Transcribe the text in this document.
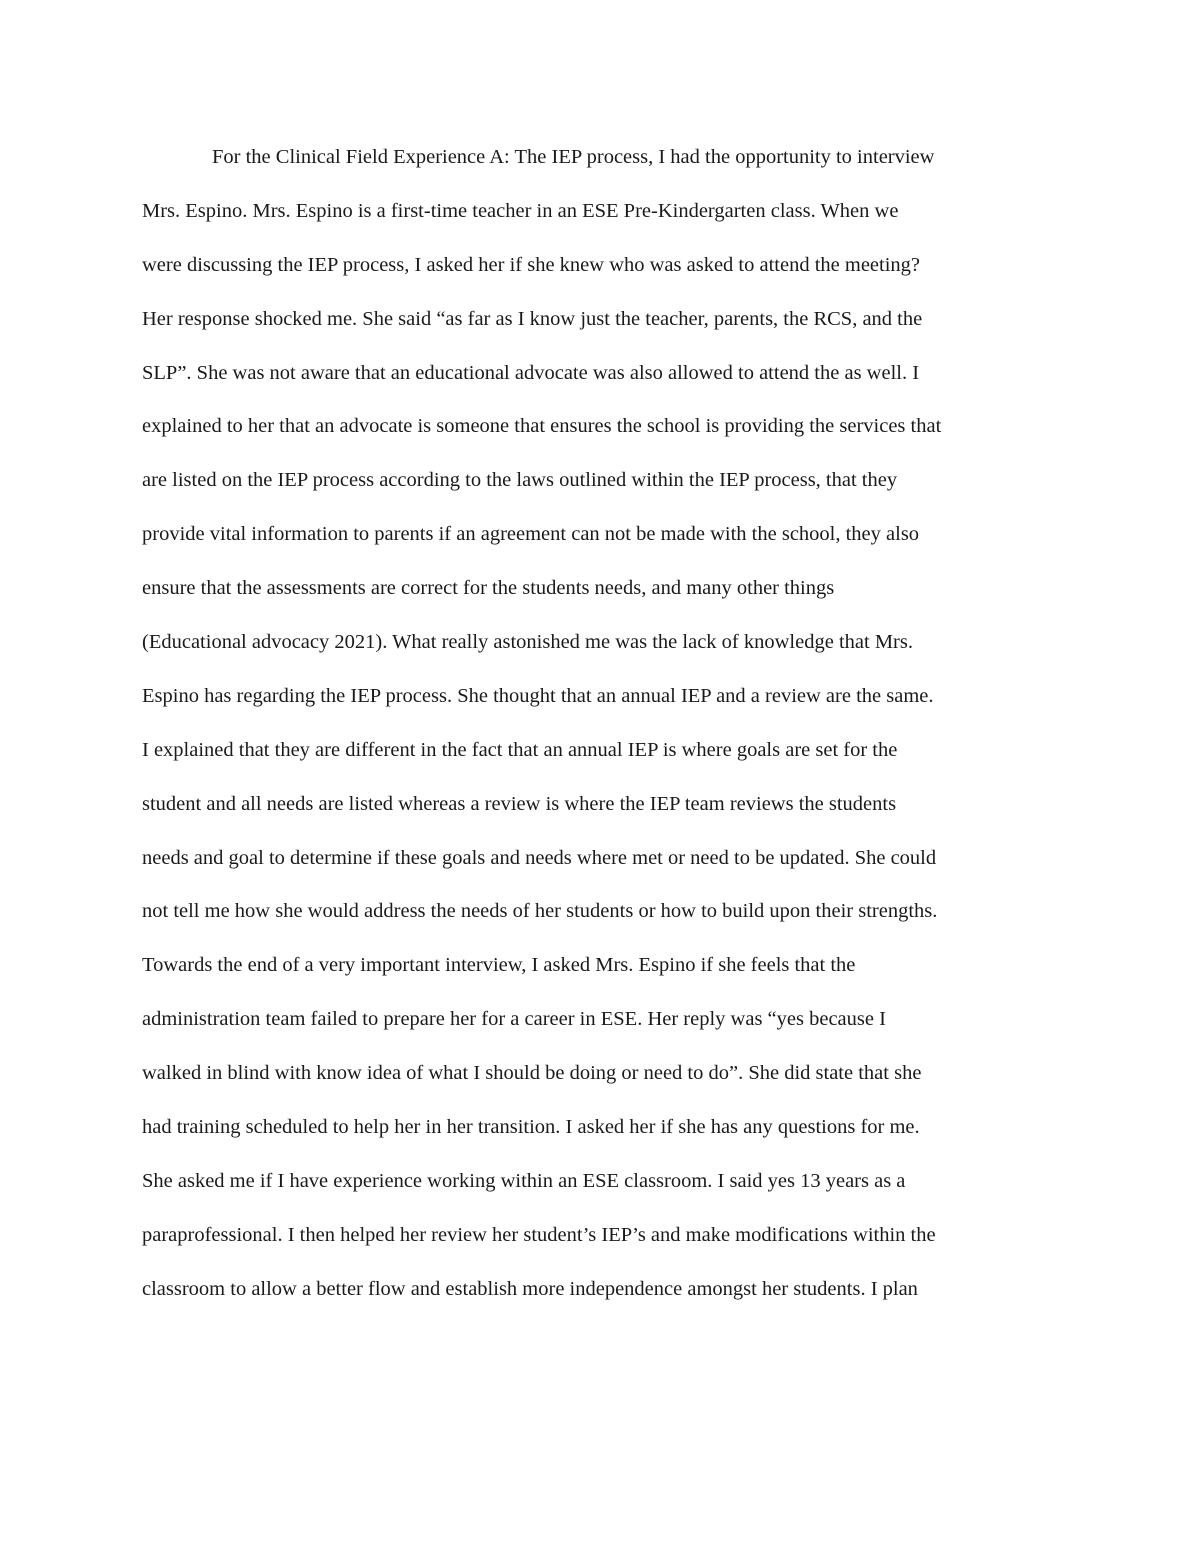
For the Clinical Field Experience A: The IEP process, I had the opportunity to interview
Mrs. Espino. Mrs. Espino is a first-time teacher in an ESE Pre-Kindergarten class. When we
were discussing the IEP process, I asked her if she knew who was asked to attend the meeting?
Her response shocked me. She said “as far as I know just the teacher, parents, the RCS, and the
SLP”. She was not aware that an educational advocate was also allowed to attend the as well. I
explained to her that an advocate is someone that ensures the school is providing the services that
are listed on the IEP process according to the laws outlined within the IEP process, that they
provide vital information to parents if an agreement can not be made with the school, they also
ensure that the assessments are correct for the students needs, and many other things
(Educational advocacy 2021). What really astonished me was the lack of knowledge that Mrs.
Espino has regarding the IEP process. She thought that an annual IEP and a review are the same.
I explained that they are different in the fact that an annual IEP is where goals are set for the
student and all needs are listed whereas a review is where the IEP team reviews the students
needs and goal to determine if these goals and needs where met or need to be updated. She could
not tell me how she would address the needs of her students or how to build upon their strengths.
Towards the end of a very important interview, I asked Mrs. Espino if she feels that the
administration team failed to prepare her for a career in ESE. Her reply was “yes because I
walked in blind with know idea of what I should be doing or need to do”. She did state that she
had training scheduled to help her in her transition. I asked her if she has any questions for me.
She asked me if I have experience working within an ESE classroom. I said yes 13 years as a
paraprofessional. I then helped her review her student’s IEP’s and make modifications within the
classroom to allow a better flow and establish more independence amongst her students. I plan
